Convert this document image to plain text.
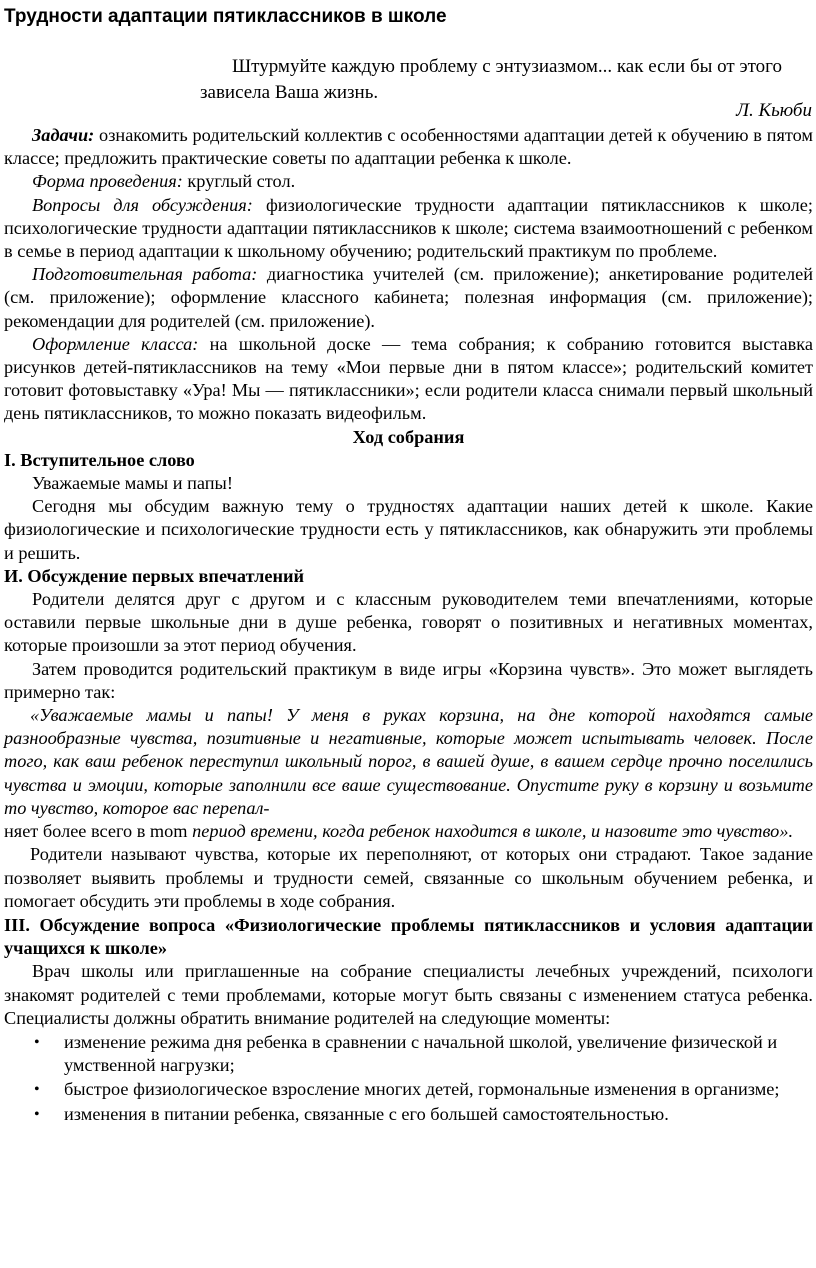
Трудности адаптации пятиклассников в школе
Штурмуйте каждую проблему с энтузиазмом... как если бы от этого зависела Ваша жизнь.
Л. Кьюби

Задачи: ознакомить родительский коллектив с особенностями адаптации детей к обучению в пятом классе; предложить практические советы по адаптации ребенка к школе.

Форма проведения: круглый стол.

Вопросы для обсуждения: физиологические трудности адаптации пятиклассников к школе; психологические трудности адаптации пятиклассников к школе; система взаимоотношений с ребенком в семье в период адаптации к школьному обучению; родительский практикум по проблеме.

Подготовительная работа: диагностика учителей (см. приложение); анкетирование родителей (см. приложение); оформление классного кабинета; полезная информация (см. приложение); рекомендации для родителей (см. приложение).

Оформление класса: на школьной доске — тема собрания; к собранию готовится выставка рисунков детей-пятиклассников на тему «Мои первые дни в пятом классе»; родительский комитет готовит фотовыставку «Ура! Мы — пятиклассники»; если родители класса снимали первый школьный день пятиклассников, то можно показать видеофильм.

Ход собрания

I. Вступительное слово

Уважаемые мамы и папы!

Сегодня мы обсудим важную тему о трудностях адаптации наших детей к школе. Какие физиологические и психологические трудности есть у пятиклассников, как обнаружить эти проблемы и решить.

И. Обсуждение первых впечатлений

Родители делятся друг с другом и с классным руководителем теми впечатлениями, которые оставили первые школьные дни в душе ребенка, говорят о позитивных и негативных моментах, которые произошли за этот период обучения.

Затем проводится родительский практикум в виде игры «Корзина чувств». Это может выглядеть примерно так:

«Уважаемые мамы и папы! У меня в руках корзина, на дне которой находятся самые разнообразные чувства, позитивные и негативные, которые может испытывать человек. После того, как ваш ребенок переступил школьный порог, в вашей душе, в вашем сердце прочно поселились чувства и эмоции, которые заполнили все ваше существование. Опустите руку в корзину и возьмите то чувство, которое вас перепал-
няет более всего в mom период времени, когда ребенок находится в школе, и назовите это чувство».

Родители называют чувства, которые их переполняют, от которых они страдают. Такое задание позволяет выявить проблемы и трудности семей, связанные со школьным обучением ребенка, и помогает обсудить эти проблемы в ходе собрания.

III. Обсуждение вопроса «Физиологические проблемы пятиклассников и условия адаптации учащихся к школе»

Врач школы или приглашенные на собрание специалисты лечебных учреждений, психологи знакомят родителей с теми проблемами, которые могут быть связаны с изменением статуса ребенка. Специалисты должны обратить внимание родителей на следующие моменты:

• изменение режима дня ребенка в сравнении с начальной школой, увеличение физической и умственной нагрузки;
• быстрое физиологическое взросление многих детей, гормональные изменения в организме;
• изменения в питании ребенка, связанные с его большей самостоятельностью.
